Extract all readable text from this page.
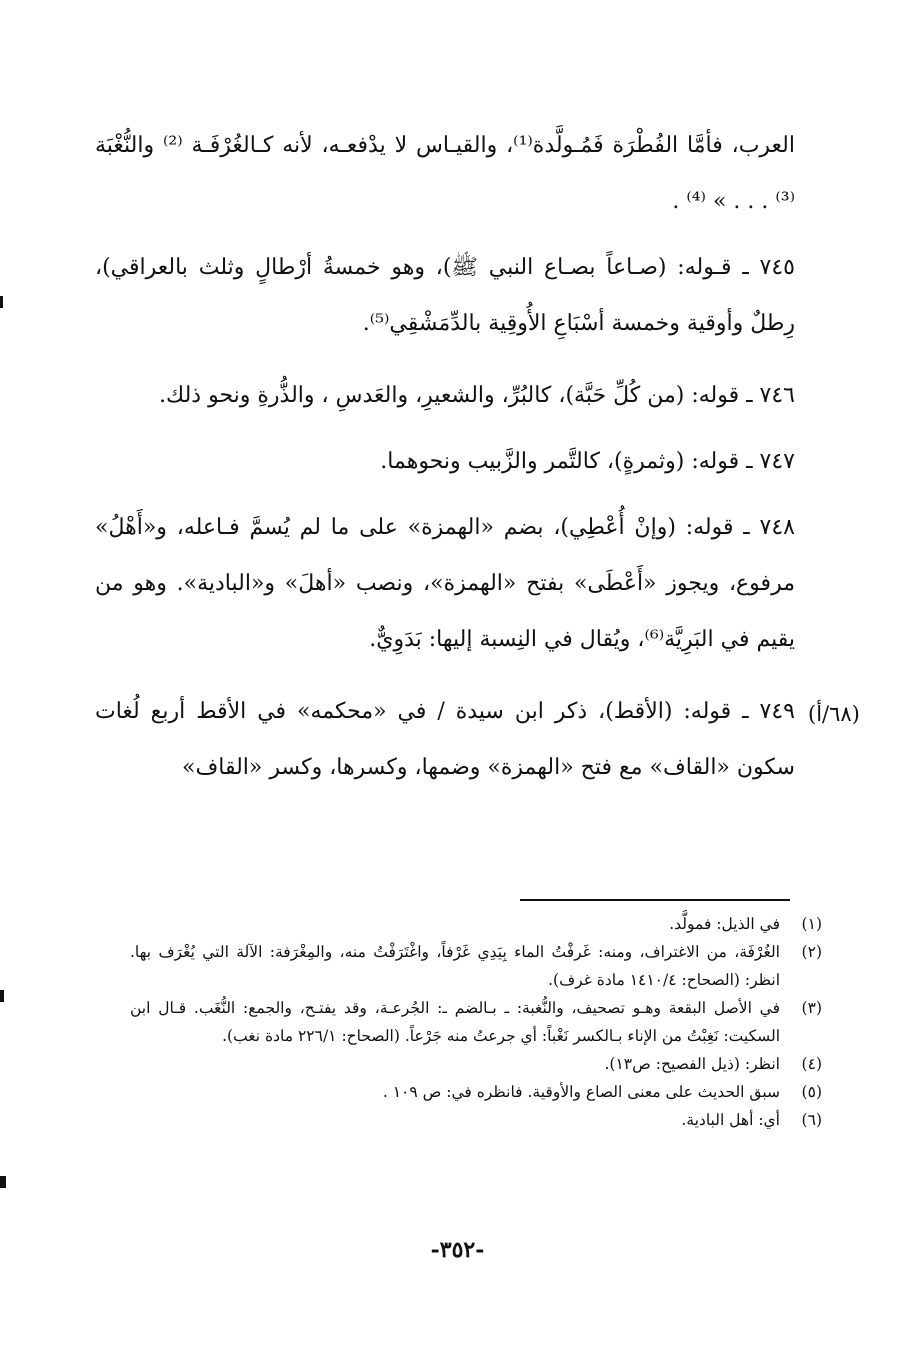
العرب، فأمَّا الفُطْرَة فَمُـولَّدة⁽¹⁾، والقيـاس لا يدْفعـه، لأنه كـالغُرْفَـة ⁽²⁾ والنُّغْبَة ⁽³⁾ . . . » ⁽⁴⁾ .

٧٤٥ ـ قـوله: (صـاعاً بصـاع النبي ﷺ)، وهو خمسةُ أرْطالٍ وثلث بالعراقي)، رِطلٌ وأوقية وخمسة أسْبَاعِ الأُوقِية بالدِّمَشْقِي⁽⁵⁾.

٧٤٦ ـ قوله: (من كُلِّ حَبَّة)، كالبُرِّ، والشعيرِ، والعَدسِ ، والذُّرةِ ونحو ذلك.

٧٤٧ ـ قوله: (وثمرةٍ)، كالتَّمر والزَّبيب ونحوهما.

٧٤٨ ـ قوله: (وإنْ أُعْطِي)، بضم «الهمزة» على ما لم يُسمَّ فـاعله، و«أَهْلُ» مرفوع، ويجوز «أَعْطَى» بفتح «الهمزة»، ونصب «أهلَ» و«البادية». وهو من يقيم في البَرِيَّة⁽⁶⁾، ويُقال في النِسبة إليها: بَدَوِيٌّ.

٧٤٩ ـ قوله: (الأقط)، ذكر ابن سيدة / في «محكمه» في الأقط أربع لُغات سكون «القاف» مع فتح «الهمزة» وضمها، وكسرها، وكسر «القاف»

(٦٨/أ)
(١)
في الذيل: فمولَّد.
(٢)
الغُرْفَة، من الاغتراف، ومنه: غَرفْتُ الماء بِيَدِي غَرْفاً، واغْتَرَفْتُ منه، والمِغْرَفة: الآلة التي يُغْرَف بها. انظر: (الصحاح: ١٤١٠/٤ مادة غرف).
(٣)
في الأصل البقعة وهـو تصحيف، والنُّغبة: ـ بـالضم ـ: الجُرعـة، وقد يفتـح، والجمع: النُّغَب. قـال ابن السكيت: نَغِبْتُ من الإناء بـالكسر نَغْباً: أي جرعتُ منه جَرْعاً. (الصحاح: ٢٢٦/١ مادة نغب).
(٤)
انظر: (ذيل الفصيح: ص١٣).
(٥)
سبق الحديث على معنى الصاع والأوقية. فانظره في: ص ١٠٩ .
(٦)
أي: أهل البادية.
-٣٥٢-
